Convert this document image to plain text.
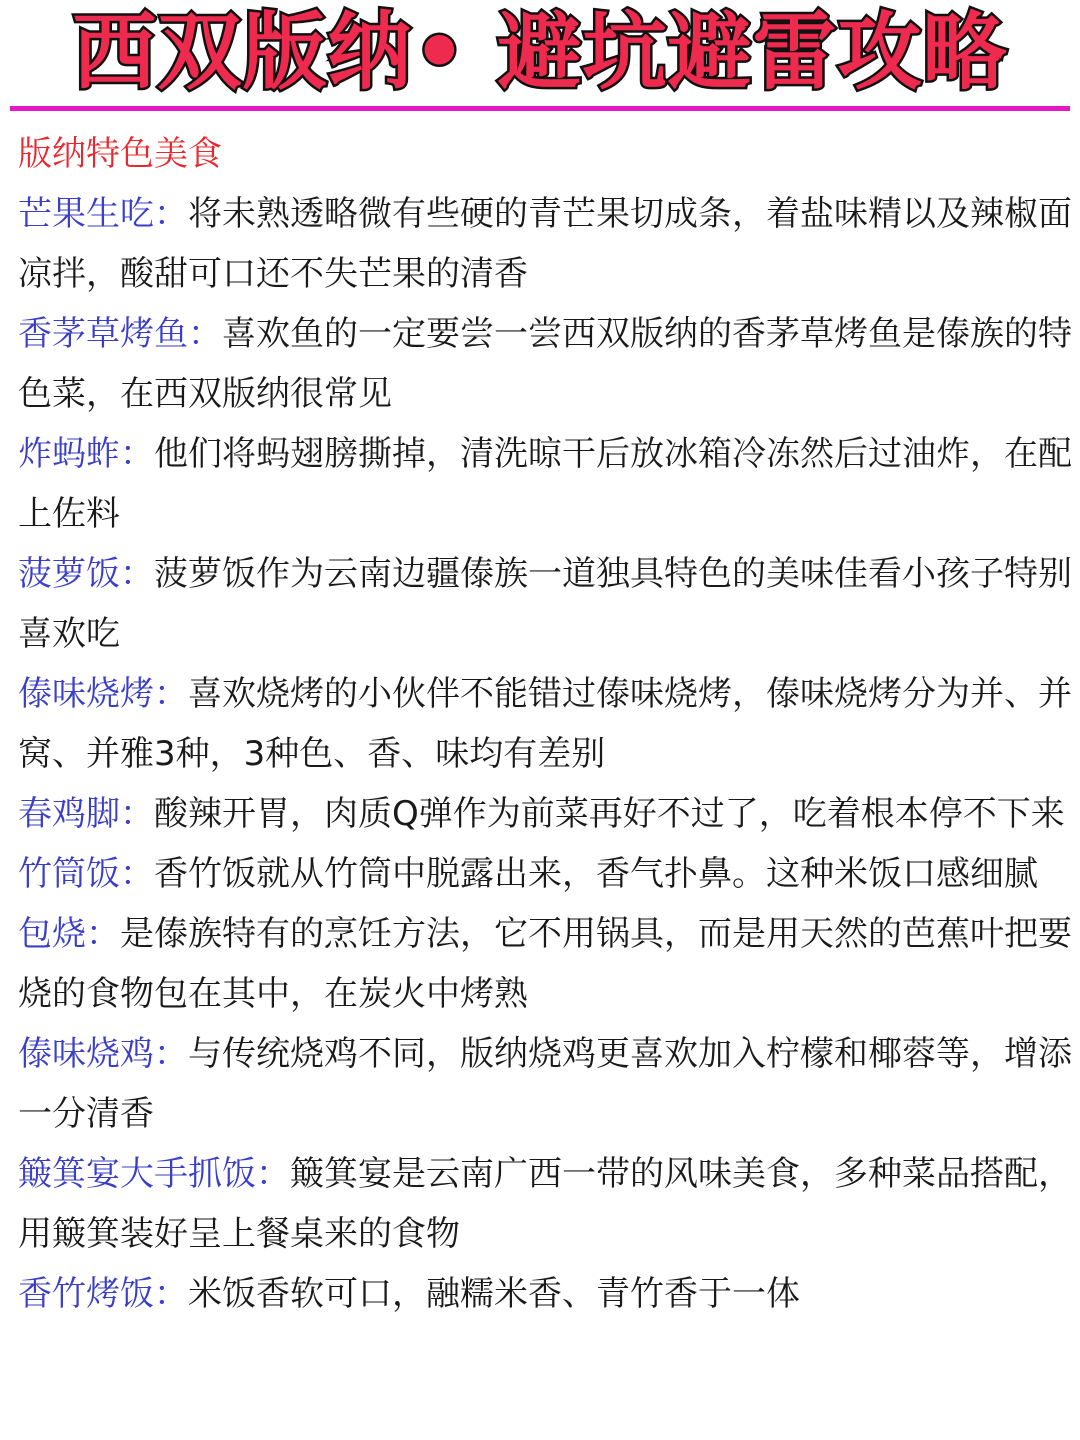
西双版纳• 避坑避雷攻略
版纳特色美食
芒果生吃：将未熟透略微有些硬的青芒果切成条，着盐味精以及辣椒面凉拌，酸甜可口还不失芒果的清香
香茅草烤鱼：喜欢鱼的一定要尝一尝西双版纳的香茅草烤鱼是傣族的特色菜，在西双版纳很常见
炸蚂蚱：他们将蚂翅膀撕掉，清洗晾干后放冰箱冷冻然后过油炸，在配上佐料
菠萝饭：菠萝饭作为云南边疆傣族一道独具特色的美味佳看小孩子特别喜欢吃
傣味烧烤：喜欢烧烤的小伙伴不能错过傣味烧烤，傣味烧烤分为并、并窝、并雅3种，3种色、香、味均有差别
春鸡脚：酸辣开胃，肉质Q弹作为前菜再好不过了，吃着根本停不下来
竹筒饭：香竹饭就从竹筒中脱露出来，香气扑鼻。这种米饭口感细腻
包烧：是傣族特有的烹饪方法，它不用锅具，而是用天然的芭蕉叶把要烧的食物包在其中，在炭火中烤熟
傣味烧鸡：与传统烧鸡不同，版纳烧鸡更喜欢加入柠檬和椰蓉等，增添一分清香
簸箕宴大手抓饭：簸箕宴是云南广西一带的风味美食，多种菜品搭配，用簸箕装好呈上餐桌来的食物
香竹烤饭：米饭香软可口，融糯米香、青竹香于一体
